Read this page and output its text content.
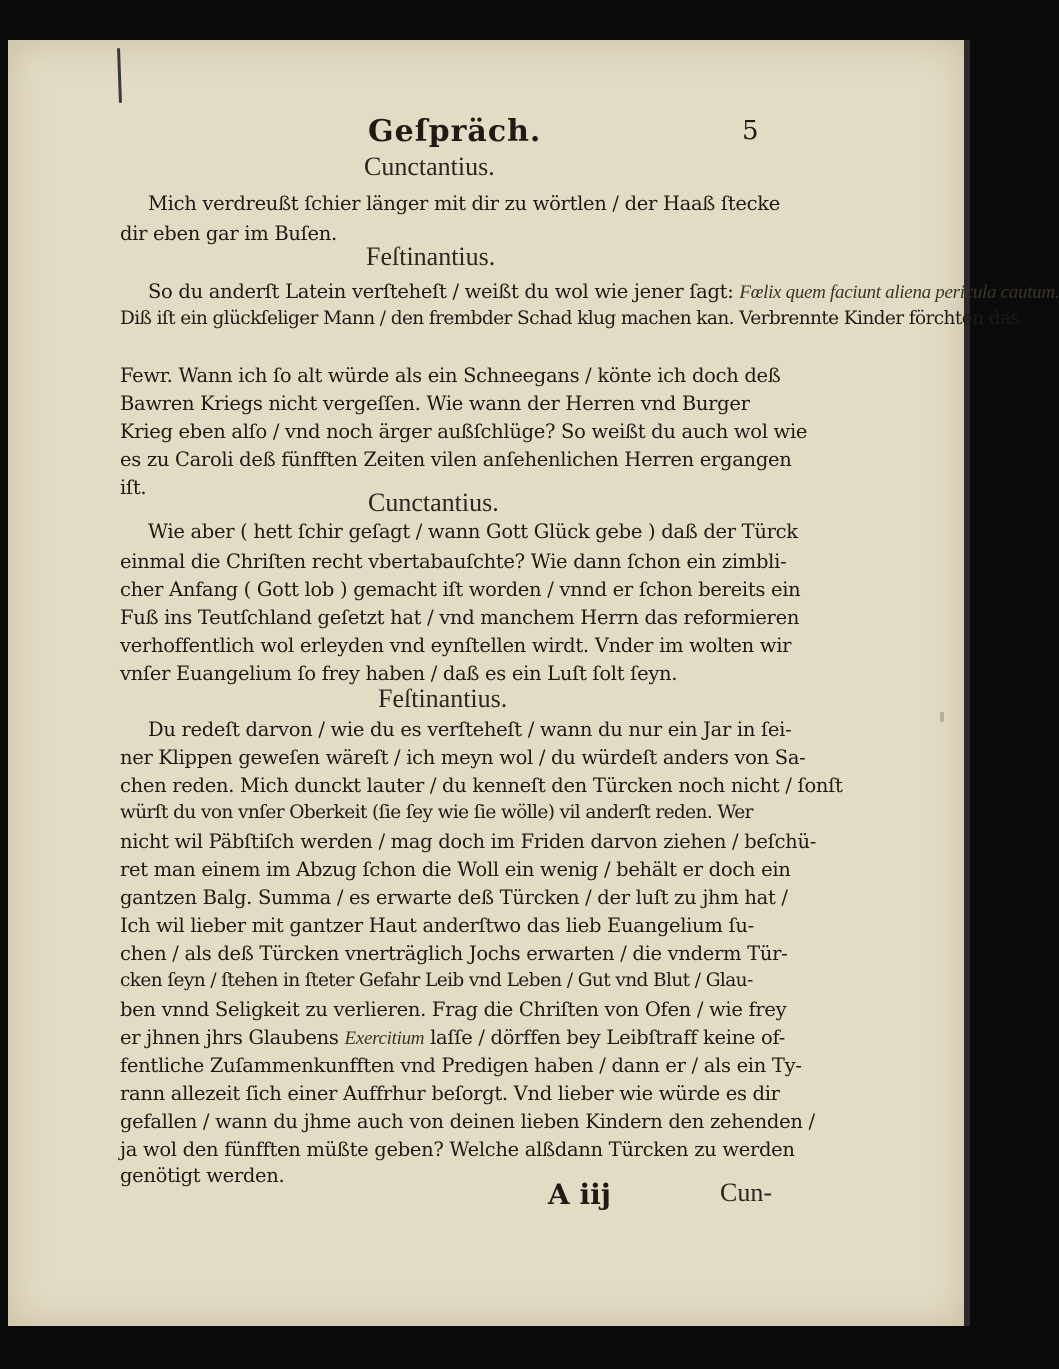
Geſpräch.	5
Cunctantius.
Mich verdreußt ſchier länger mit dir zu wörtlen / der Haaß ſtecke
dir eben gar im Buſen.
Feſtinantius.
So du anderſt Latein verſteheſt / weißt du wol wie jener ſagt: Fœlix quem faciunt aliena pericula cautum.
Diß iſt ein glückſeliger Mann / den frembder Schad klug machen kan. Verbrennte Kinder förchten das
Fewr. Wann ich ſo alt würde als ein Schneegans / könte ich doch deß
Bawren Kriegs nicht vergeſſen. Wie wann der Herren vnd Burger
Krieg eben alſo / vnd noch ärger außſchlüge? So weißt du auch wol wie
es zu Caroli deß fünfften Zeiten vilen anſehenlichen Herren ergangen
iſt.
Cunctantius.
Wie aber ( hett ſchir geſagt / wann Gott Glück gebe ) daß der Türck
einmal die Chriſten recht vbertabauſchte? Wie dann ſchon ein zimbli-
cher Anfang ( Gott lob ) gemacht iſt worden / vnnd er ſchon bereits ein
Fuß ins Teutſchland geſetzt hat / vnd manchem Herrn das reformieren
verhoffentlich wol erleyden vnd eynſtellen wirdt. Vnder im wolten wir
vnſer Euangelium ſo frey haben / daß es ein Luſt ſolt ſeyn.
Feſtinantius.
Du redeſt darvon / wie du es verſteheſt / wann du nur ein Jar in ſei-
ner Klippen geweſen wäreſt / ich meyn wol / du würdeſt anders von Sa-
chen reden. Mich dunckt lauter / du kenneſt den Türcken noch nicht / ſonſt
würſt du von vnſer Oberkeit (ſie ſey wie ſie wölle) vil anderſt reden. Wer
nicht wil Päbſtiſch werden / mag doch im Friden darvon ziehen / beſchü-
ret man einem im Abzug ſchon die Woll ein wenig / behält er doch ein
gantzen Balg. Summa / es erwarte deß Türcken / der luſt zu jhm hat /
Ich wil lieber mit gantzer Haut anderſtwo das lieb Euangelium ſu-
chen / als deß Türcken vnerträglich Jochs erwarten / die vnderm Tür-
cken ſeyn / ſtehen in ſteter Gefahr Leib vnd Leben / Gut vnd Blut / Glau-
ben vnnd Seligkeit zu verlieren. Frag die Chriſten von Ofen / wie frey
er jhnen jhrs Glaubens Exercitium laſſe / dörffen bey Leibſtraff keine of-
fentliche Zuſammenkunfften vnd Predigen haben / dann er / als ein Ty-
rann allezeit ſich einer Auffrhur beſorgt. Vnd lieber wie würde es dir
gefallen / wann du jhme auch von deinen lieben Kindern den zehenden /
ja wol den fünfften müßte geben? Welche alßdann Türcken zu werden
genötigt werden.
A iij	Cun-
